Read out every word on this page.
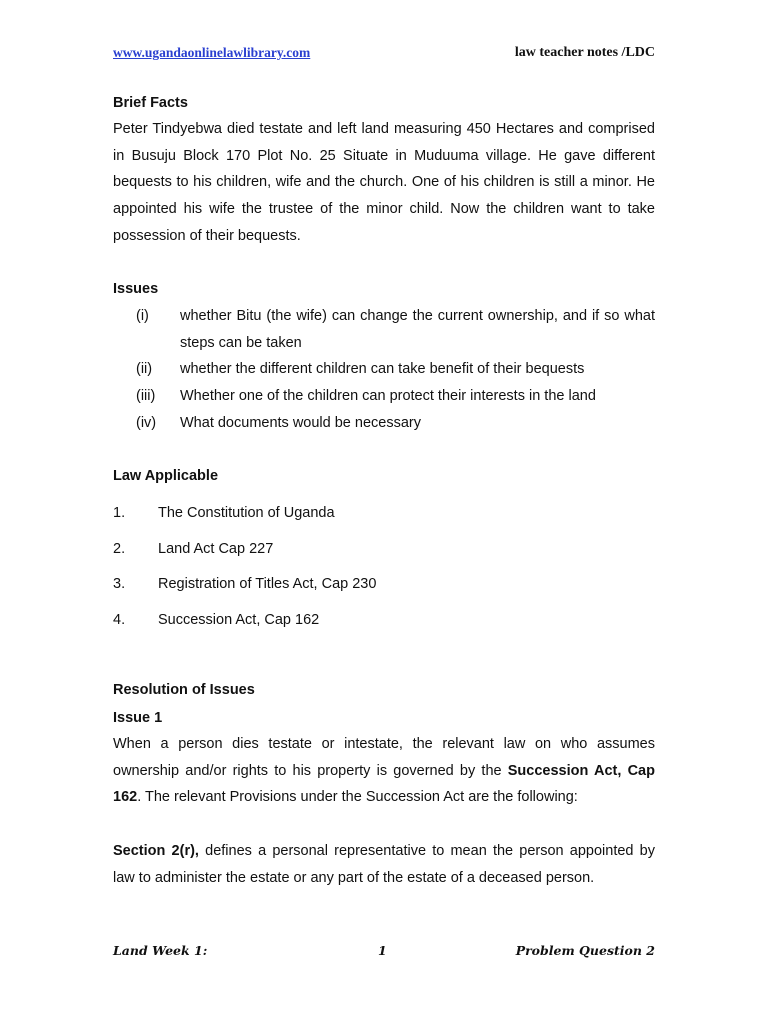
www.ugandaonlinelawlibrary.com	law teacher notes /LDC
Brief Facts

Peter Tindyebwa died testate and left land measuring 450 Hectares and comprised in Busuju Block 170 Plot No. 25 Situate in Muduuma village. He gave different bequests to his children, wife and the church. One of his children is still a minor. He appointed his wife the trustee of the minor child. Now the children want to take possession of their bequests.

Issues
(i) whether Bitu (the wife) can change the current ownership, and if so what steps can be taken
(ii) whether the different children can take benefit of their bequests
(iii) Whether one of the children can protect their interests in the land
(iv) What documents would be necessary
Law Applicable
1. The Constitution of Uganda
2. Land Act Cap 227
3. Registration of Titles Act, Cap 230
4. Succession Act, Cap 162
Resolution of Issues
Issue 1

When a person dies testate or intestate, the relevant law on who assumes ownership and/or rights to his property is governed by the Succession Act, Cap 162. The relevant Provisions under the Succession Act are the following:

Section 2(r), defines a personal representative to mean the person appointed by law to administer the estate or any part of the estate of a deceased person.

Land Week 1:	1	Problem Question 2
